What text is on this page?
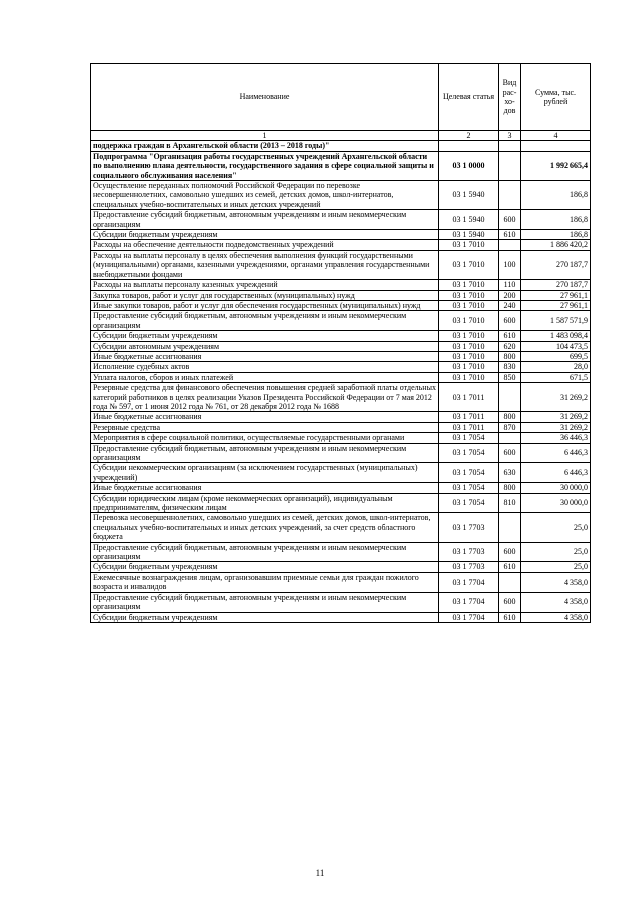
Наименование	Целевая статья	Вид рас-хо-дов	Сумма, тыс. рублей
1	2	3	4
поддержка граждан в Архангельской области (2013 – 2018 годы)"			
Подпрограмма "Организация работы государственных учреждений Архангельской области по выполнению плана деятельности, государственного задания в сфере социальной защиты и социального обслуживания населения"	03 1 0000		1 992 665,4
Осуществление переданных полномочий Российской Федерации по перевозке несовершеннолетних, самовольно ушедших из семей, детских домов, школ-интернатов, специальных учебно-воспитательных и иных детских учреждений	03 1 5940		186,8
Предоставление субсидий бюджетным, автономным учреждениям и иным некоммерческим организациям	03 1 5940	600	186,8
Субсидии бюджетным учреждениям	03 1 5940	610	186,8
Расходы на обеспечение деятельности подведомственных учреждений	03 1 7010		1 886 420,2
Расходы на выплаты персоналу в целях обеспечения выполнения функций государственными (муниципальными) органами, казенными учреждениями, органами управления государственными внебюджетными фондами	03 1 7010	100	270 187,7
Расходы на выплаты персоналу казенных учреждений	03 1 7010	110	270 187,7
Закупка товаров, работ и услуг для государственных (муниципальных) нужд	03 1 7010	200	27 961,1
Иные закупки товаров, работ и услуг для обеспечения государственных (муниципальных) нужд	03 1 7010	240	27 961,1
Предоставление субсидий бюджетным, автономным учреждениям и иным некоммерческим организациям	03 1 7010	600	1 587 571,9
Субсидии бюджетным учреждениям	03 1 7010	610	1 483 098,4
Субсидии автономным учреждениям	03 1 7010	620	104 473,5
Иные бюджетные ассигнования	03 1 7010	800	699,5
Исполнение судебных актов	03 1 7010	830	28,0
Уплата налогов, сборов и иных платежей	03 1 7010	850	671,5
Резервные средства для финансового обеспечения повышения средней заработной платы отдельных категорий работников в целях реализации Указов Президента Российской Федерации от 7 мая 2012 года № 597, от 1 июня 2012 года № 761, от 28 декабря 2012 года № 1688	03 1 7011		31 269,2
Иные бюджетные ассигнования	03 1 7011	800	31 269,2
Резервные средства	03 1 7011	870	31 269,2
Мероприятия в сфере социальной политики, осуществляемые государственными органами	03 1 7054		36 446,3
Предоставление субсидий бюджетным, автономным учреждениям и иным некоммерческим организациям	03 1 7054	600	6 446,3
Субсидии некоммерческим организациям (за исключением государственных (муниципальных) учреждений)	03 1 7054	630	6 446,3
Иные бюджетные ассигнования	03 1 7054	800	30 000,0
Субсидии юридическим лицам (кроме некоммерческих организаций), индивидуальным предпринимателям, физическим лицам	03 1 7054	810	30 000,0
Перевозка несовершеннолетних, самовольно ушедших из семей, детских домов, школ-интернатов, специальных учебно-воспитательных и иных детских учреждений, за счет средств областного бюджета	03 1 7703		25,0
Предоставление субсидий бюджетным, автономным учреждениям и иным некоммерческим организациям	03 1 7703	600	25,0
Субсидии бюджетным учреждениям	03 1 7703	610	25,0
Ежемесячные вознаграждения лицам, организовавшим приемные семьи для граждан пожилого возраста и инвалидов	03 1 7704		4 358,0
Предоставление субсидий бюджетным, автономным учреждениям и иным некоммерческим организациям	03 1 7704	600	4 358,0
Субсидии бюджетным учреждениям	03 1 7704	610	4 358,0
11
